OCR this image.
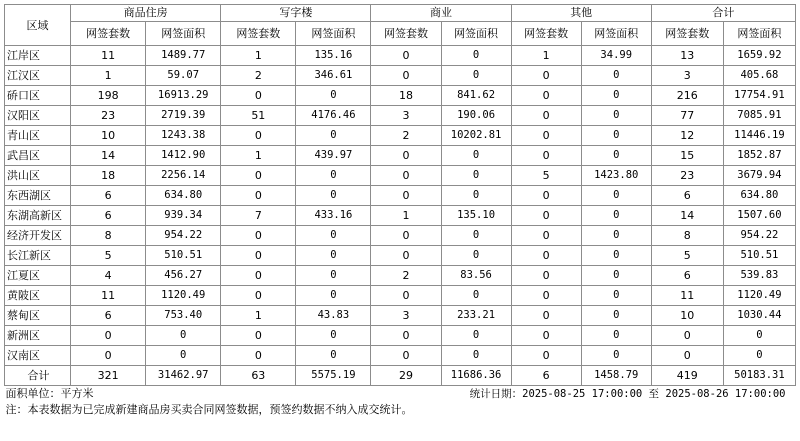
区域	商品住房		写字楼		商业		其他		合计	
	网签套数	网签面积	网签套数	网签面积	网签套数	网签面积	网签套数	网签面积	网签套数	网签面积
江岸区	11	1489.77	1	135.16	0	0	1	34.99	13	1659.92
江汉区	1	59.07	2	346.61	0	0	0	0	3	405.68
硚口区	198	16913.29	0	0	18	841.62	0	0	216	17754.91
汉阳区	23	2719.39	51	4176.46	3	190.06	0	0	77	7085.91
青山区	10	1243.38	0	0	2	10202.81	0	0	12	11446.19
武昌区	14	1412.90	1	439.97	0	0	0	0	15	1852.87
洪山区	18	2256.14	0	0	0	0	5	1423.80	23	3679.94
东西湖区	6	634.80	0	0	0	0	0	0	6	634.80
东湖高新区	6	939.34	7	433.16	1	135.10	0	0	14	1507.60
经济开发区	8	954.22	0	0	0	0	0	0	8	954.22
长江新区	5	510.51	0	0	0	0	0	0	5	510.51
江夏区	4	456.27	0	0	2	83.56	0	0	6	539.83
黄陂区	11	1120.49	0	0	0	0	0	0	11	1120.49
蔡甸区	6	753.40	1	43.83	3	233.21	0	0	10	1030.44
新洲区	0	0	0	0	0	0	0	0	0	0
汉南区	0	0	0	0	0	0	0	0	0	0
合计	321	31462.97	63	5575.19	29	11686.36	6	1458.79	419	50183.31
面积单位：平方米				统计日期：2025-08-25 17:00:00 至 2025-08-26 17:00:00						
注：本表数据为已完成新建商品房买卖合同网签数据，预签约数据不纳入成交统计。										
